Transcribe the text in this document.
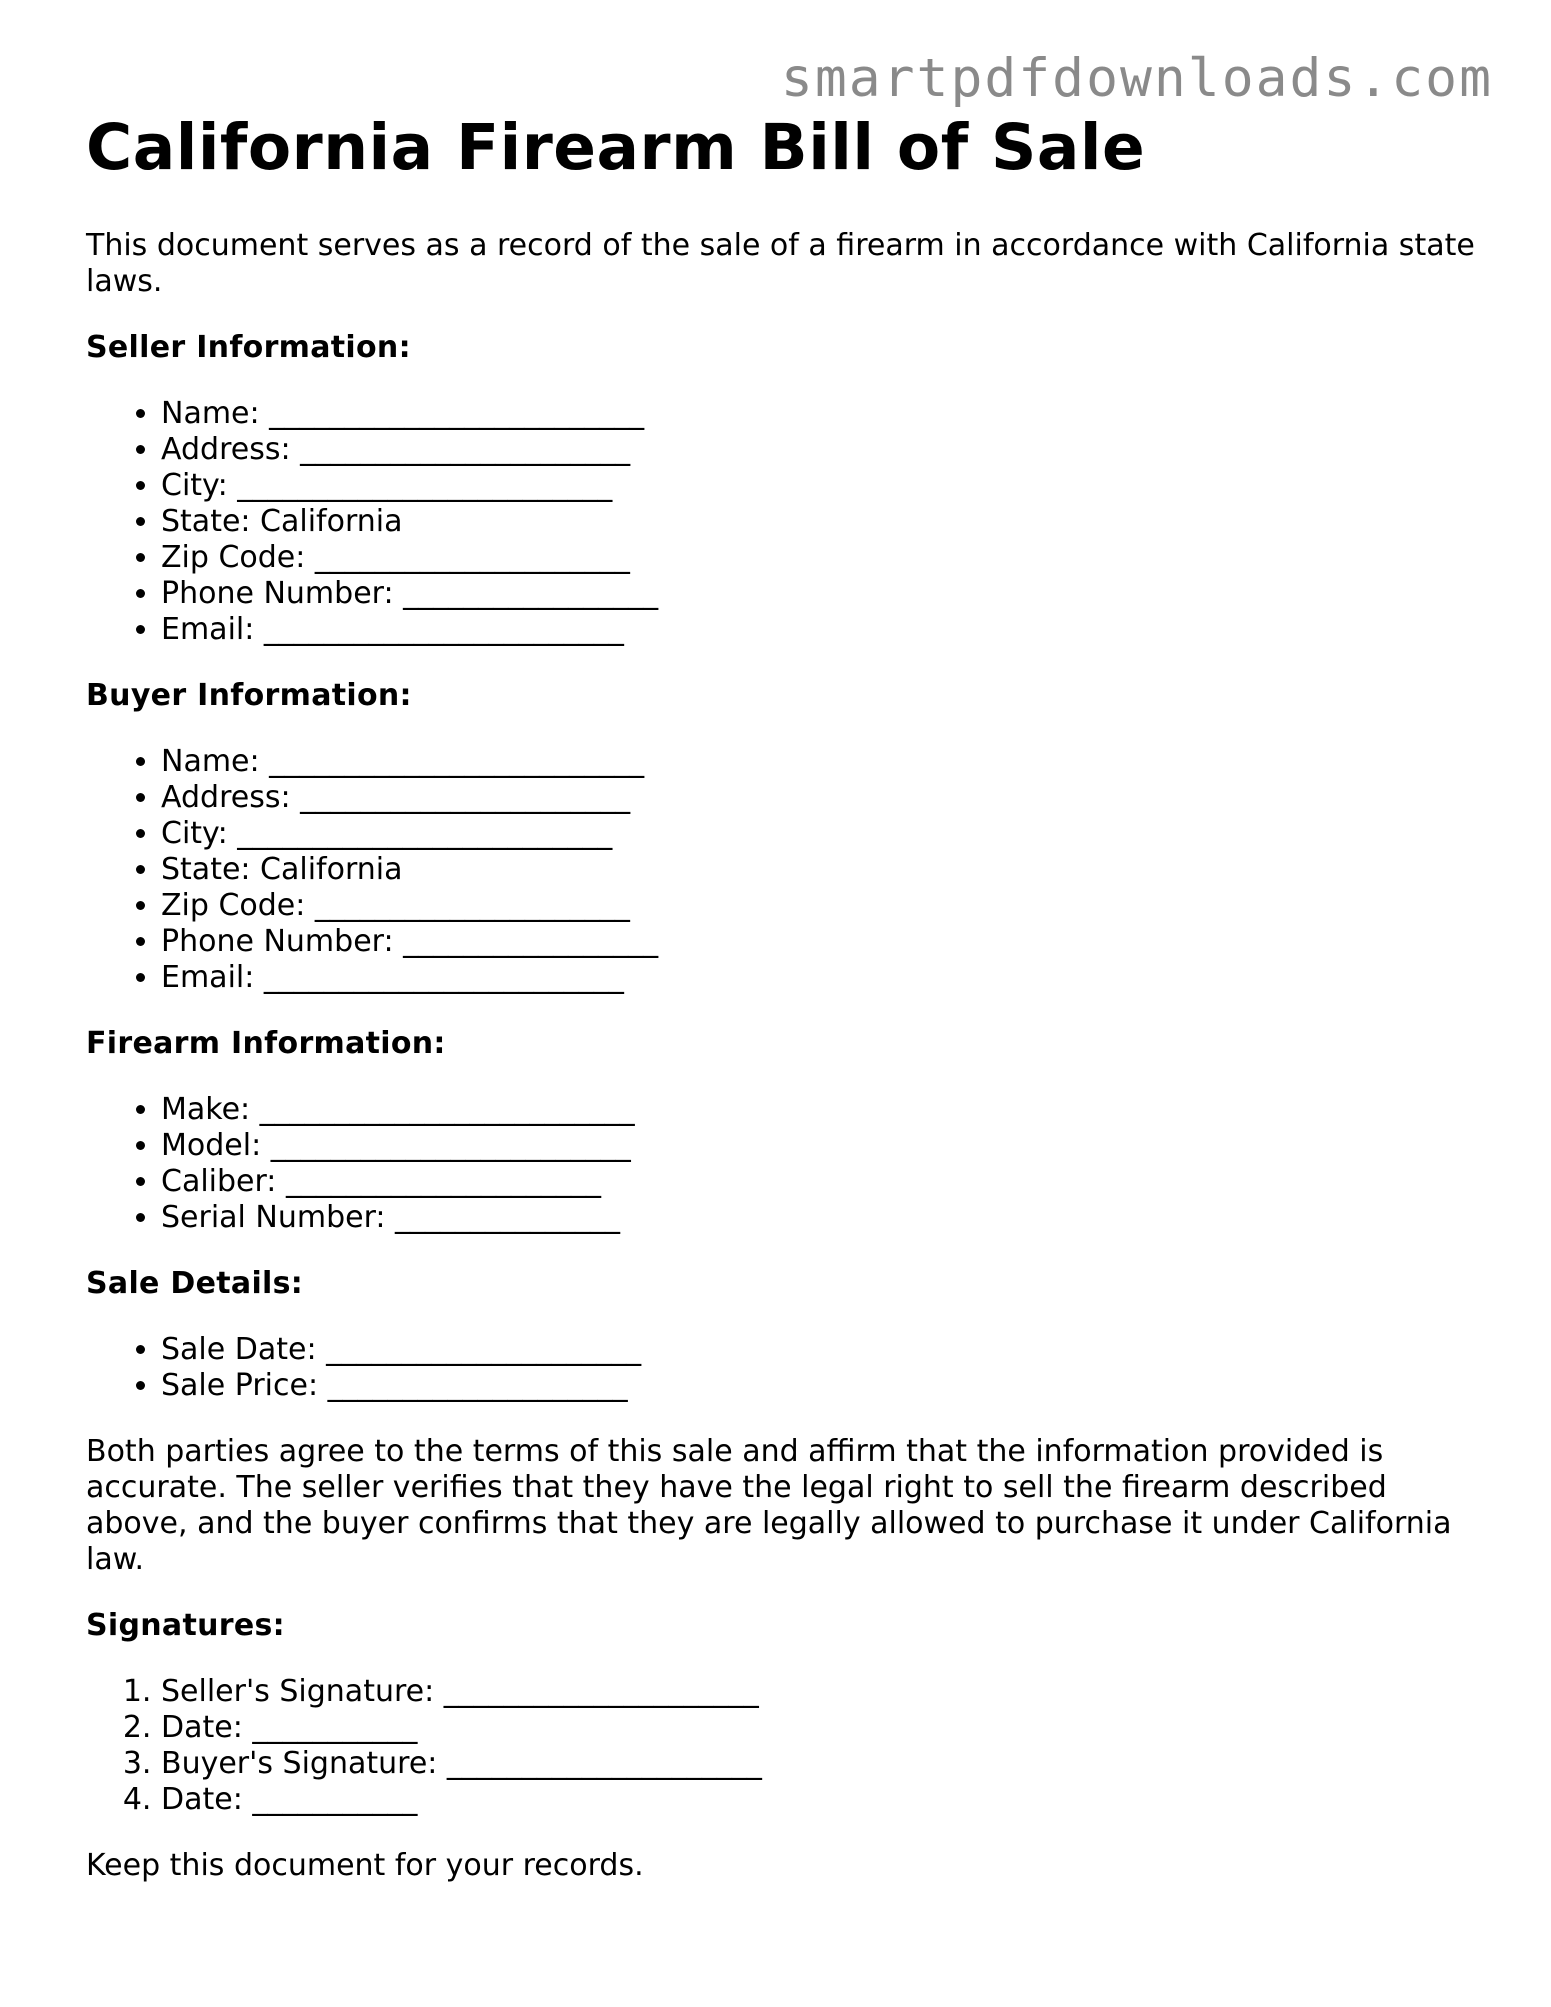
smartpdfdownloads.com
California Firearm Bill of Sale

This document serves as a record of the sale of a firearm in accordance with California state laws.

Seller Information:
• Name: _________________________
• Address: ______________________
• City: _________________________
• State: California
• Zip Code: _____________________
• Phone Number: _________________
• Email: ________________________
Buyer Information:
• Name: _________________________
• Address: ______________________
• City: _________________________
• State: California
• Zip Code: _____________________
• Phone Number: _________________
• Email: ________________________
Firearm Information:
• Make: _________________________
• Model: ________________________
• Caliber: _____________________
• Serial Number: _______________
Sale Details:
• Sale Date: _____________________
• Sale Price: ____________________

Both parties agree to the terms of this sale and affirm that the information provided is accurate. The seller verifies that they have the legal right to sell the firearm described above, and the buyer confirms that they are legally allowed to purchase it under California law.

Signatures:
1. Seller's Signature: _____________________
2. Date: ___________
3. Buyer's Signature: _____________________
4. Date: ___________

Keep this document for your records.
